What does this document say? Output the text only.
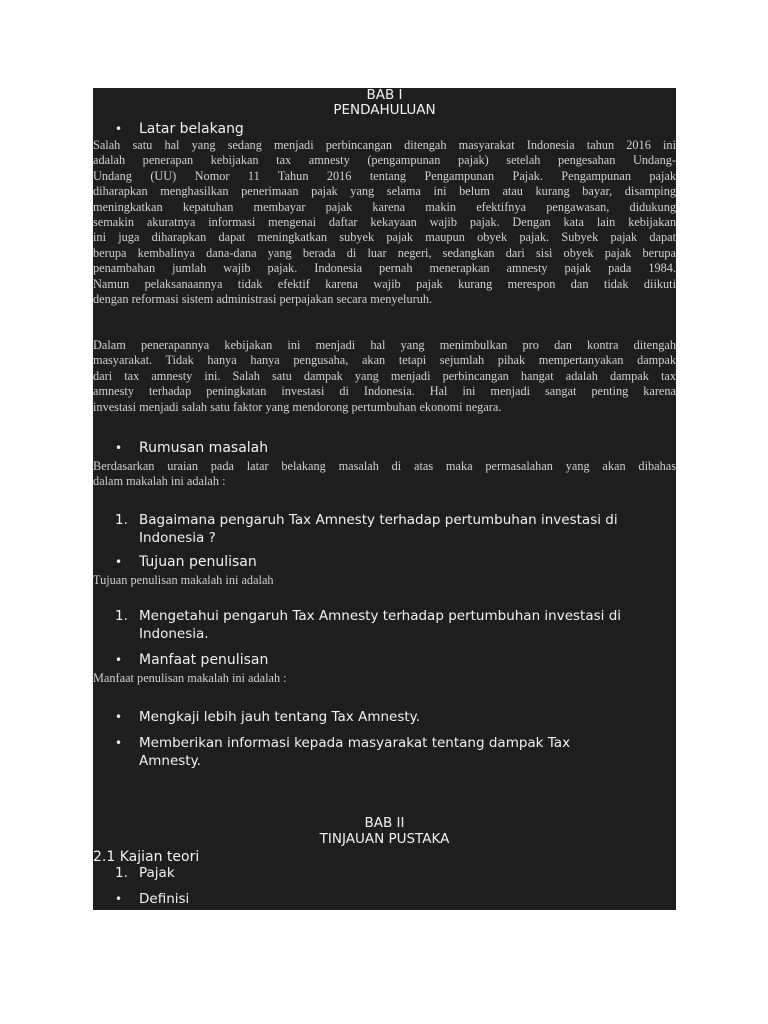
BAB I
PENDAHULUAN
• Latar belakang
Salah satu hal yang sedang menjadi perbincangan ditengah masyarakat Indonesia tahun 2016 ini
adalah penerapan kebijakan tax amnesty (pengampunan pajak) setelah pengesahan Undang-
Undang (UU) Nomor 11 Tahun 2016 tentang Pengampunan Pajak. Pengampunan pajak
diharapkan menghasilkan penerimaan pajak yang selama ini belum atau kurang bayar, disamping
meningkatkan kepatuhan membayar pajak karena makin efektifnya pengawasan, didukung
semakin akuratnya informasi mengenai daftar kekayaan wajib pajak. Dengan kata lain kebijakan
ini juga diharapkan dapat meningkatkan subyek pajak maupun obyek pajak. Subyek pajak dapat
berupa kembalinya dana-dana yang berada di luar negeri, sedangkan dari sisi obyek pajak berupa
penambahan jumlah wajib pajak. Indonesia pernah menerapkan amnesty pajak pada 1984.
Namun pelaksanaannya tidak efektif karena wajib pajak kurang merespon dan tidak diikuti
dengan reformasi sistem administrasi perpajakan secara menyeluruh.
Dalam penerapannya kebijakan ini menjadi hal yang menimbulkan pro dan kontra ditengah
masyarakat. Tidak hanya hanya pengusaha, akan tetapi sejumlah pihak mempertanyakan dampak
dari tax amnesty ini. Salah satu dampak yang menjadi perbincangan hangat adalah dampak tax
amnesty terhadap peningkatan investasi di Indonesia. Hal ini menjadi sangat penting karena
investasi menjadi salah satu faktor yang mendorong pertumbuhan ekonomi negara.
• Rumusan masalah
Berdasarkan uraian pada latar belakang masalah di atas maka permasalahan yang akan dibahas
dalam makalah ini adalah :
1. Bagaimana pengaruh Tax Amnesty terhadap pertumbuhan investasi di
Indonesia ?
• Tujuan penulisan
Tujuan penulisan makalah ini adalah
1. Mengetahui pengaruh Tax Amnesty terhadap pertumbuhan investasi di
Indonesia.
• Manfaat penulisan
Manfaat penulisan makalah ini adalah :
• Mengkaji lebih jauh tentang Tax Amnesty.
• Memberikan informasi kepada masyarakat tentang dampak Tax
Amnesty.
BAB II
TINJAUAN PUSTAKA
2.1 Kajian teori
1. Pajak
• Definisi
